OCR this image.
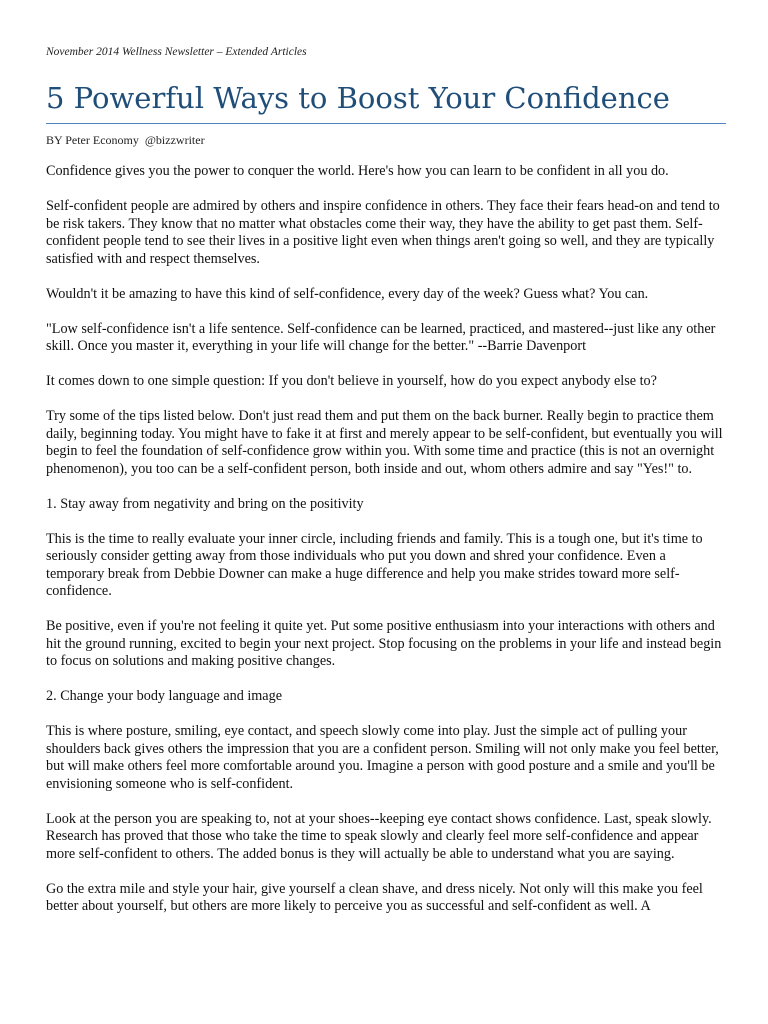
November 2014 Wellness Newsletter – Extended Articles
5 Powerful Ways to Boost Your Confidence
BY Peter Economy  @bizzwriter

Confidence gives you the power to conquer the world. Here's how you can learn to be confident in all you do.

Self-confident people are admired by others and inspire confidence in others. They face their fears head-on and tend to be risk takers. They know that no matter what obstacles come their way, they have the ability to get past them. Self-confident people tend to see their lives in a positive light even when things aren't going so well, and they are typically satisfied with and respect themselves.

Wouldn't it be amazing to have this kind of self-confidence, every day of the week? Guess what? You can.

"Low self-confidence isn't a life sentence. Self-confidence can be learned, practiced, and mastered--just like any other skill. Once you master it, everything in your life will change for the better." --Barrie Davenport

It comes down to one simple question: If you don't believe in yourself, how do you expect anybody else to?

Try some of the tips listed below. Don't just read them and put them on the back burner. Really begin to practice them daily, beginning today. You might have to fake it at first and merely appear to be self-confident, but eventually you will begin to feel the foundation of self-confidence grow within you. With some time and practice (this is not an overnight phenomenon), you too can be a self-confident person, both inside and out, whom others admire and say "Yes!" to.

1. Stay away from negativity and bring on the positivity

This is the time to really evaluate your inner circle, including friends and family. This is a tough one, but it's time to seriously consider getting away from those individuals who put you down and shred your confidence. Even a temporary break from Debbie Downer can make a huge difference and help you make strides toward more self-confidence.

Be positive, even if you're not feeling it quite yet. Put some positive enthusiasm into your interactions with others and hit the ground running, excited to begin your next project. Stop focusing on the problems in your life and instead begin to focus on solutions and making positive changes.

2. Change your body language and image

This is where posture, smiling, eye contact, and speech slowly come into play. Just the simple act of pulling your shoulders back gives others the impression that you are a confident person. Smiling will not only make you feel better, but will make others feel more comfortable around you. Imagine a person with good posture and a smile and you'll be envisioning someone who is self-confident.

Look at the person you are speaking to, not at your shoes--keeping eye contact shows confidence. Last, speak slowly. Research has proved that those who take the time to speak slowly and clearly feel more self-confidence and appear more self-confident to others. The added bonus is they will actually be able to understand what you are saying.

Go the extra mile and style your hair, give yourself a clean shave, and dress nicely. Not only will this make you feel better about yourself, but others are more likely to perceive you as successful and self-confident as well. A
